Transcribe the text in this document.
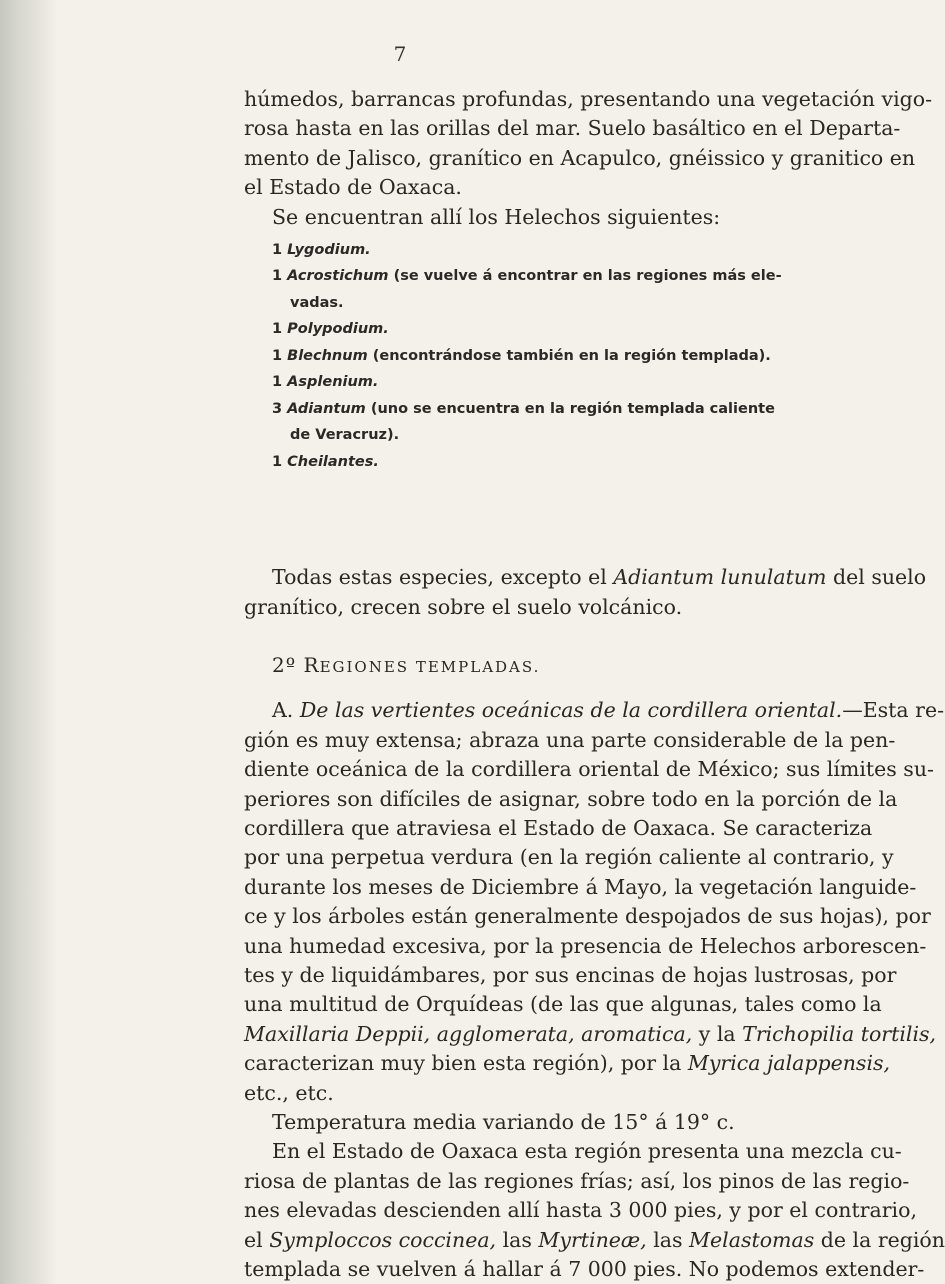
7
húmedos, barrancas profundas, presentando una vegetación vigo-
rosa hasta en las orillas del mar. Suelo basáltico en el Departa-
mento de Jalisco, granítico en Acapulco, gnéissico y granitico en
el Estado de Oaxaca.
Se encuentran allí los Helechos siguientes:
1 Lygodium.
1 Acrostichum (se vuelve á encontrar en las regiones más ele-
vadas.
1 Polypodium.
1 Blechnum (encontrándose también en la región templada).
1 Asplenium.
3 Adiantum (uno se encuentra en la región templada caliente
de Veracruz).
1 Cheilantes.
Todas estas especies, excepto el Adiantum lunulatum del suelo
granítico, crecen sobre el suelo volcánico.
2º REGIONES TEMPLADAS.
A. De las vertientes oceánicas de la cordillera oriental.—Esta re-
gión es muy extensa; abraza una parte considerable de la pen-
diente oceánica de la cordillera oriental de México; sus límites su-
periores son difíciles de asignar, sobre todo en la porción de la
cordillera que atraviesa el Estado de Oaxaca. Se caracteriza
por una perpetua verdura (en la región caliente al contrario, y
durante los meses de Diciembre á Mayo, la vegetación languide-
ce y los árboles están generalmente despojados de sus hojas), por
una humedad excesiva, por la presencia de Helechos arborescen-
tes y de liquidámbares, por sus encinas de hojas lustrosas, por
una multitud de Orquídeas (de las que algunas, tales como la
Maxillaria Deppii, agglomerata, aromatica, y la Trichopilia tortilis,
caracterizan muy bien esta región), por la Myrica jalappensis,
etc., etc.
Temperatura media variando de 15° á 19° c.
En el Estado de Oaxaca esta región presenta una mezcla cu-
riosa de plantas de las regiones frías; así, los pinos de las regio-
nes elevadas descienden allí hasta 3 000 pies, y por el contrario,
el Symploccos coccinea, las Myrtineæ, las Melastomas de la región
templada se vuelven á hallar á 7 000 pies. No podemos extender-
